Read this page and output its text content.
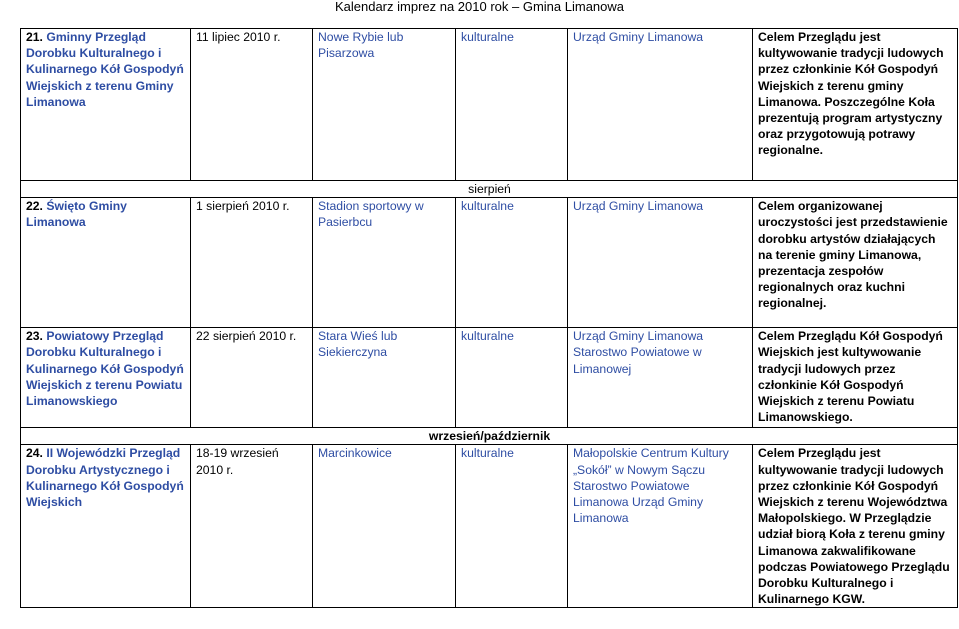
Kalendarz imprez na 2010 rok – Gmina Limanowa
21. Gminny Przegląd Dorobku Kulturalnego i Kulinarnego Kół Gospodyń Wiejskich z terenu Gminy Limanowa	11 lipiec 2010 r.	Nowe Rybie lub Pisarzowa	kulturalne	Urząd Gminy Limanowa	Celem Przeglądu jest kultywowanie tradycji ludowych przez członkinie Kół Gospodyń Wiejskich z terenu gminy Limanowa. Poszczególne Koła prezentują program artystyczny oraz przygotowują potrawy regionalne.
sierpień					
22. Święto Gminy Limanowa	1 sierpień 2010 r.	Stadion sportowy w Pasierbcu	kulturalne	Urząd Gminy Limanowa	Celem organizowanej uroczystości jest przedstawienie dorobku artystów działających na terenie gminy Limanowa, prezentacja zespołów regionalnych oraz kuchni regionalnej.
23. Powiatowy Przegląd Dorobku Kulturalnego i Kulinarnego Kół Gospodyń Wiejskich z terenu Powiatu Limanowskiego	22 sierpień 2010 r.	Stara Wieś lub Siekierczyna	kulturalne	Urząd Gminy Limanowa Starostwo Powiatowe w Limanowej	Celem Przeglądu Kół Gospodyń Wiejskich jest kultywowanie tradycji ludowych przez członkinie Kół Gospodyń Wiejskich z terenu Powiatu Limanowskiego.
wrzesień/październik					
24. II Wojewódzki Przegląd Dorobku Artystycznego i Kulinarnego Kół Gospodyń Wiejskich	18-19 wrzesień 2010 r.	Marcinkowice	kulturalne	Małopolskie Centrum Kultury „Sokół” w Nowym Sączu Starostwo Powiatowe Limanowa Urząd Gminy Limanowa	Celem Przeglądu jest kultywowanie tradycji ludowych przez członkinie Kół Gospodyń Wiejskich z terenu Województwa Małopolskiego. W Przeglądzie udział biorą Koła z terenu gminy Limanowa zakwalifikowane podczas Powiatowego Przeglądu Dorobku Kulturalnego i Kulinarnego KGW.
